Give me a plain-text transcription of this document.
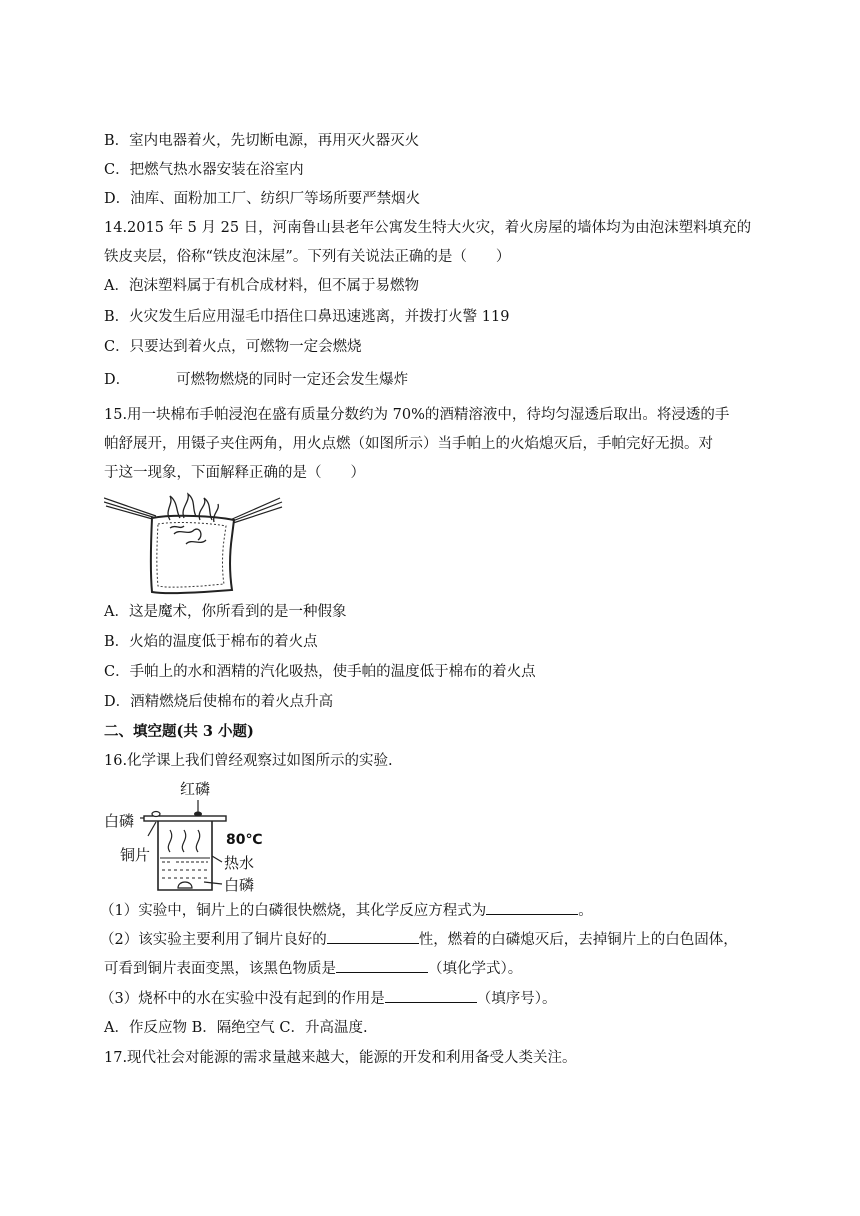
B．室内电器着火，先切断电源，再用灭火器灭火
C．把燃气热水器安装在浴室内
D．油库、面粉加工厂、纺织厂等场所要严禁烟火
14.2015 年 5 月 25 日，河南鲁山县老年公寓发生特大火灾，着火房屋的墙体均为由泡沫塑料填充的
铁皮夹层，俗称“铁皮泡沫屋”。下列有关说法正确的是（　　）
A．泡沫塑料属于有机合成材料，但不属于易燃物
B．火灾发生后应用湿毛巾捂住口鼻迅速逃离，并拨打火警 119
C．只要达到着火点，可燃物一定会燃烧
D．	可燃物燃烧的同时一定还会发生爆炸
15.用一块棉布手帕浸泡在盛有质量分数约为 70%的酒精溶液中，待均匀湿透后取出。将浸透的手
帕舒展开，用镊子夹住两角，用火点燃（如图所示）当手帕上的火焰熄灭后，手帕完好无损。对
于这一现象，下面解释正确的是（　　）
A．这是魔术，你所看到的是一种假象
B．火焰的温度低于棉布的着火点
C．手帕上的水和酒精的汽化吸热，使手帕的温度低于棉布的着火点
D．酒精燃烧后使棉布的着火点升高
二、填空题(共 3 小题)
16.化学课上我们曾经观察过如图所示的实验.
红磷
白磷
铜片
80℃
热水
白磷
（1）实验中，铜片上的白磷很快燃烧，其化学反应方程式为	。
（2）该实验主要利用了铜片良好的	性，燃着的白磷熄灭后，去掉铜片上的白色固体，
可看到铜片表面变黑，该黑色物质是	（填化学式）。
（3）烧杯中的水在实验中没有起到的作用是	（填序号）。
A．作反应物 B．隔绝空气 C．升高温度.
17.现代社会对能源的需求量越来越大，能源的开发和利用备受人类关注。
